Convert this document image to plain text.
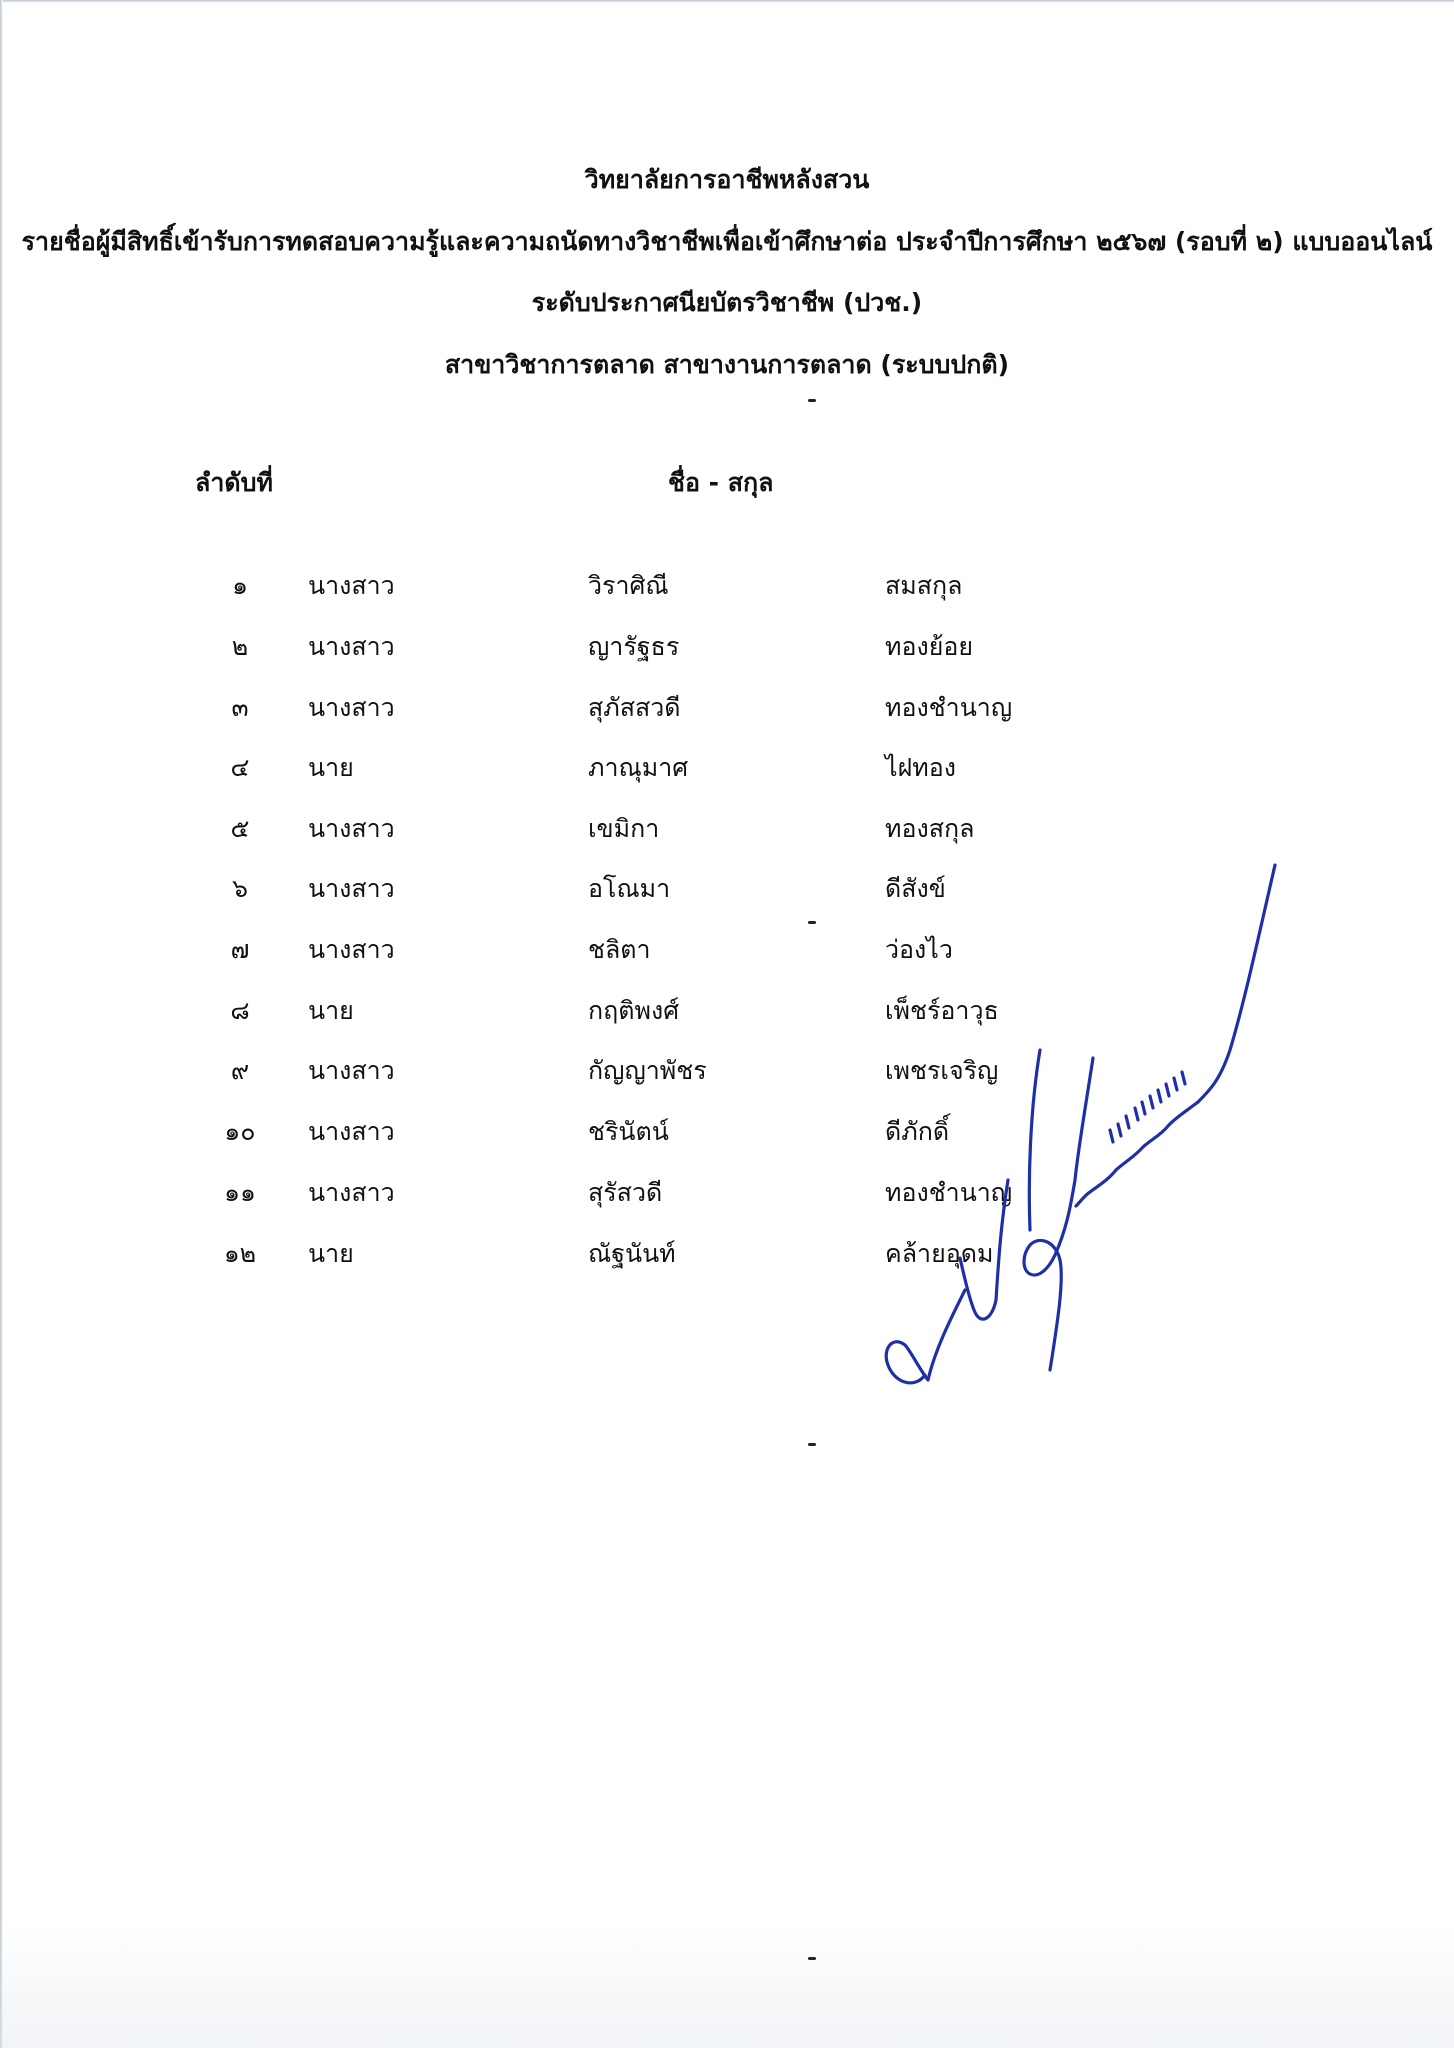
วิทยาลัยการอาชีพหลังสวน
รายชื่อผู้มีสิทธิ์เข้ารับการทดสอบความรู้และความถนัดทางวิชาชีพเพื่อเข้าศึกษาต่อ ประจำปีการศึกษา ๒๕๖๗ (รอบที่ ๒) แบบออนไลน์
ระดับประกาศนียบัตรวิชาชีพ (ปวช.)
สาขาวิชาการตลาด สาขางานการตลาด (ระบบปกติ)
ลำดับที่	ชื่อ - สกุล
๑	นางสาว	วิราศิณี	สมสกุล
๒	นางสาว	ญารัฐธร	ทองย้อย
๓	นางสาว	สุภัสสวดี	ทองชำนาญ
๔	นาย	ภาณุมาศ	ไฝทอง
๕	นางสาว	เขมิกา	ทองสกุล
๖	นางสาว	อโณมา	ดีสังข์
๗	นางสาว	ชลิตา	ว่องไว
๘	นาย	กฤติพงศ์	เพ็ชร์อาวุธ
๙	นางสาว	กัญญาพัชร	เพชรเจริญ
๑๐ นางสาว	ชรินัตน์	ดีภักดิ์
๑๑ นางสาว	สุรัสวดี	ทองชำนาญ
๑๒ นาย	ณัฐนันท์	คล้ายอุดม
